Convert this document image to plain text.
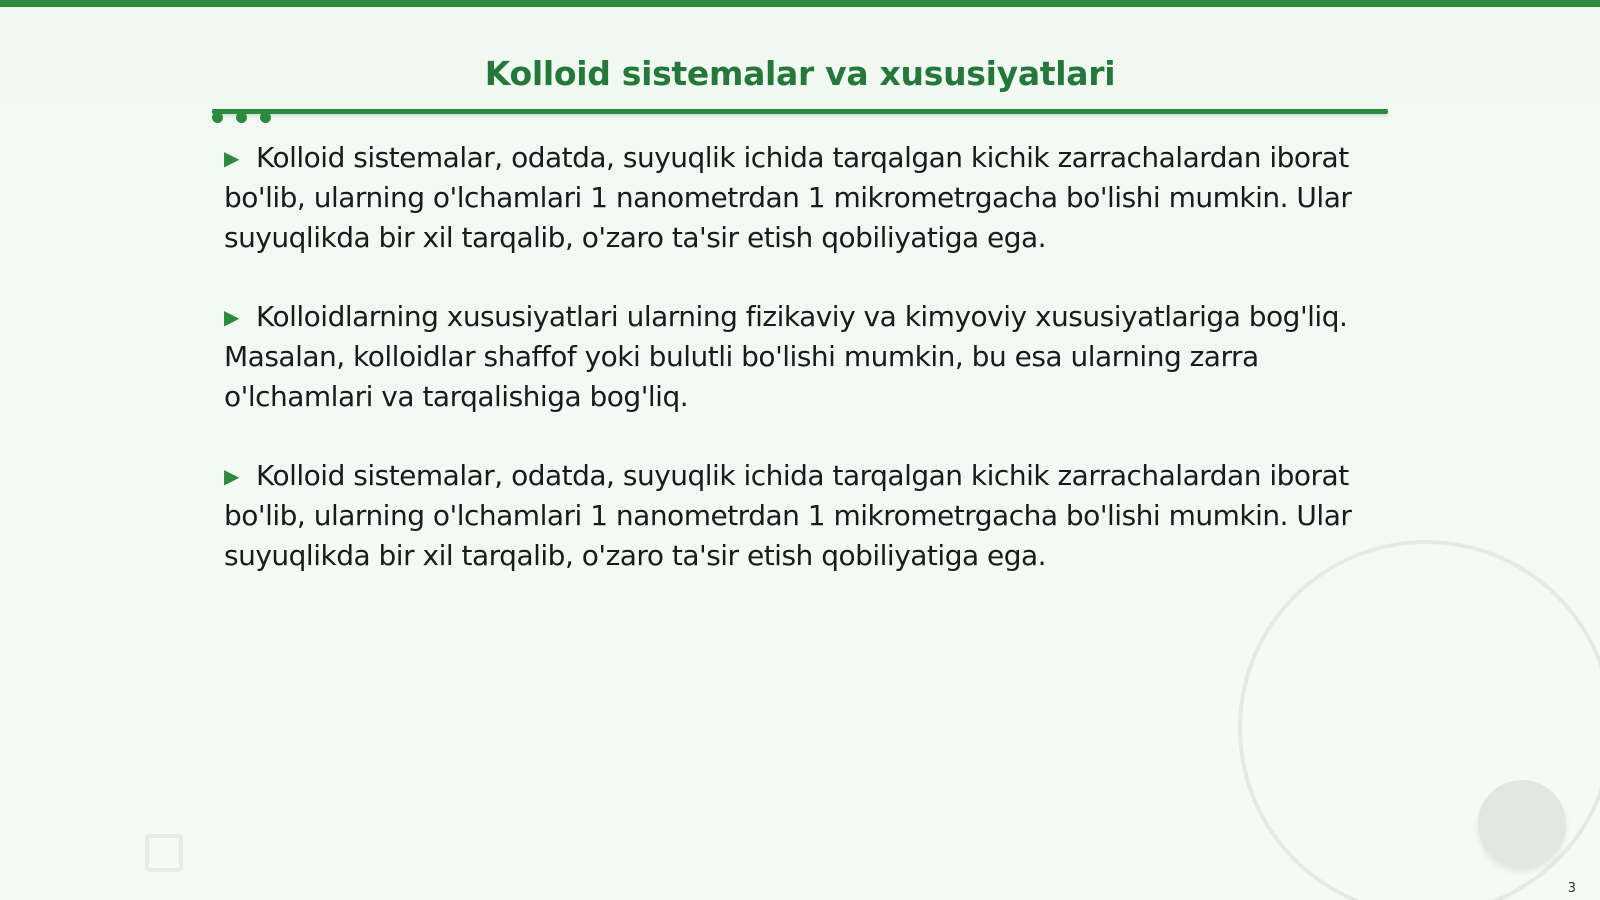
Kolloid sistemalar va xususiyatlari
▶ Kolloid sistemalar, odatda, suyuqlik ichida tarqalgan kichik zarrachalardan iborat bo'lib, ularning o'lchamlari 1 nanometrdan 1 mikrometrgacha bo'lishi mumkin. Ular suyuqlikda bir xil tarqalib, o'zaro ta'sir etish qobiliyatiga ega.
▶ Kolloidlarning xususiyatlari ularning fizikaviy va kimyoviy xususiyatlariga bog'liq. Masalan, kolloidlar shaffof yoki bulutli bo'lishi mumkin, bu esa ularning zarra o'lchamlari va tarqalishiga bog'liq.
▶ Kolloid sistemalar, odatda, suyuqlik ichida tarqalgan kichik zarrachalardan iborat bo'lib, ularning o'lchamlari 1 nanometrdan 1 mikrometrgacha bo'lishi mumkin. Ular suyuqlikda bir xil tarqalib, o'zaro ta'sir etish qobiliyatiga ega.
3
